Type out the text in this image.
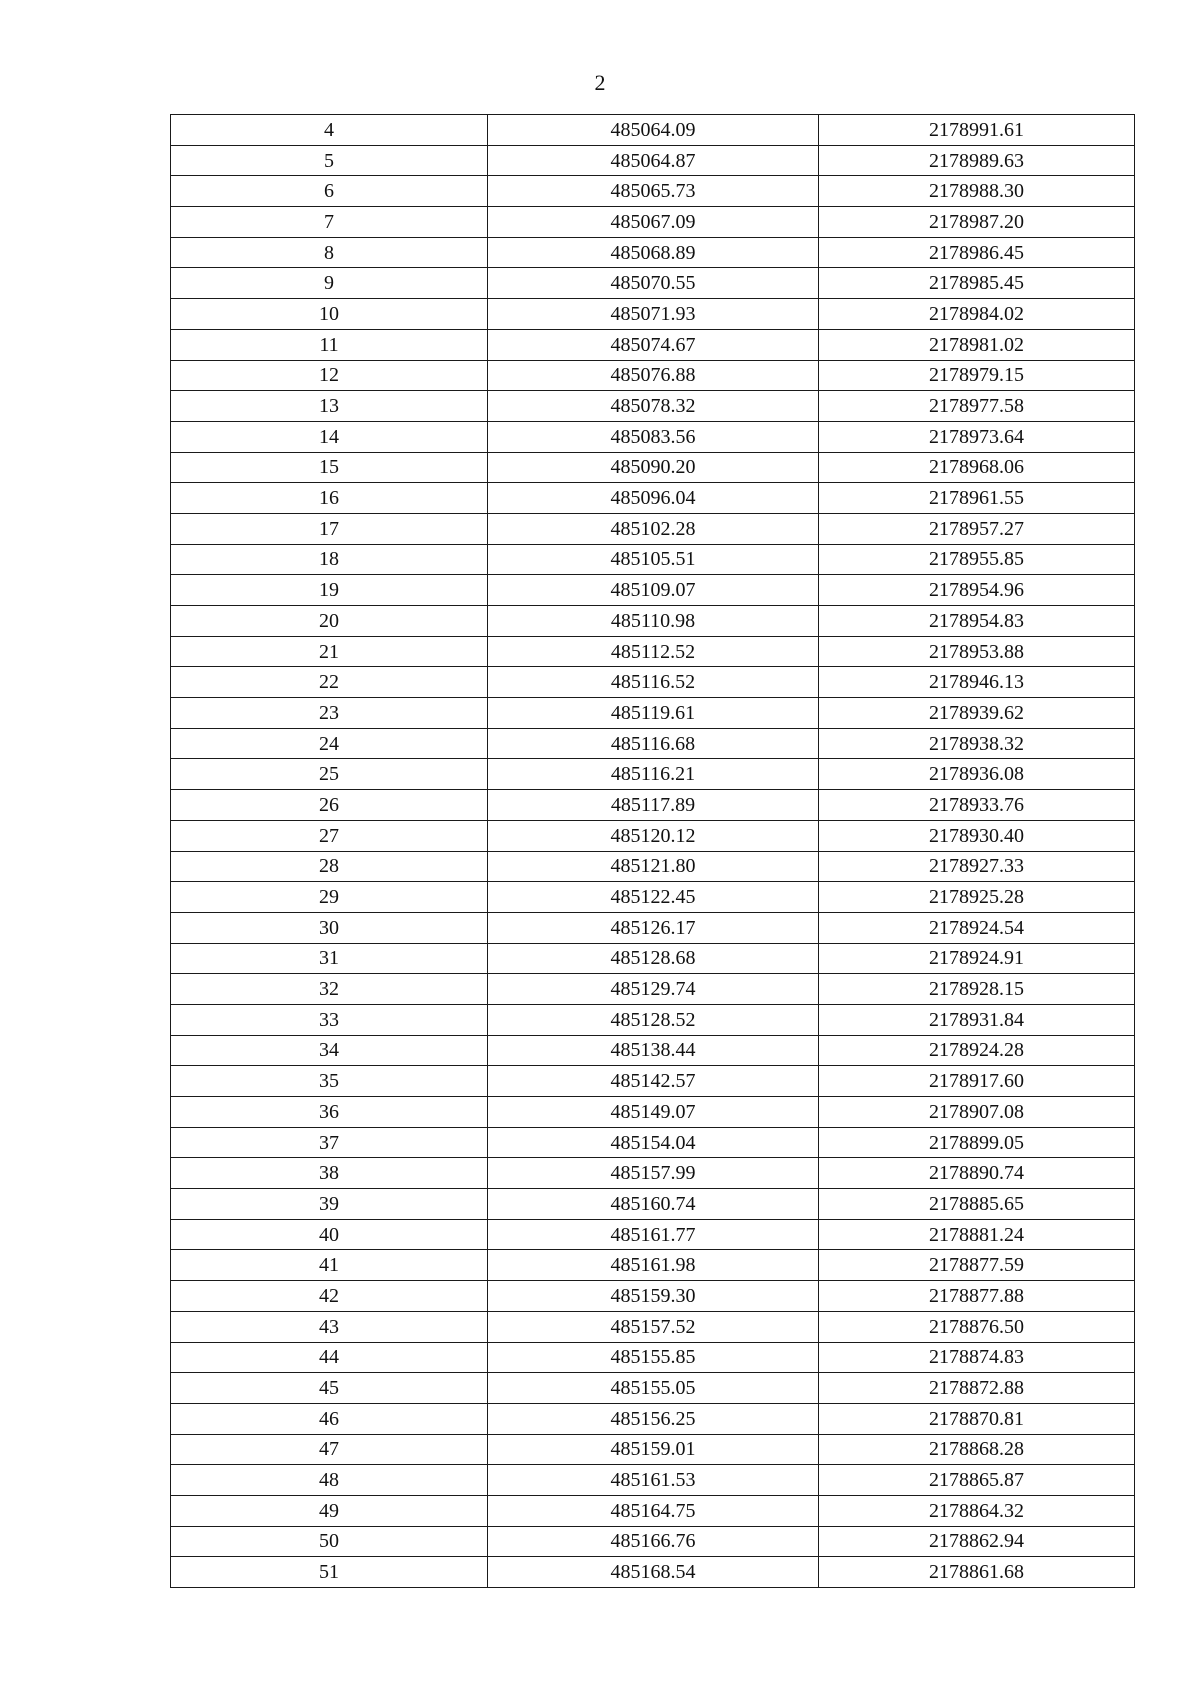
2
4	485064.09	2178991.61
5	485064.87	2178989.63
6	485065.73	2178988.30
7	485067.09	2178987.20
8	485068.89	2178986.45
9	485070.55	2178985.45
10	485071.93	2178984.02
11	485074.67	2178981.02
12	485076.88	2178979.15
13	485078.32	2178977.58
14	485083.56	2178973.64
15	485090.20	2178968.06
16	485096.04	2178961.55
17	485102.28	2178957.27
18	485105.51	2178955.85
19	485109.07	2178954.96
20	485110.98	2178954.83
21	485112.52	2178953.88
22	485116.52	2178946.13
23	485119.61	2178939.62
24	485116.68	2178938.32
25	485116.21	2178936.08
26	485117.89	2178933.76
27	485120.12	2178930.40
28	485121.80	2178927.33
29	485122.45	2178925.28
30	485126.17	2178924.54
31	485128.68	2178924.91
32	485129.74	2178928.15
33	485128.52	2178931.84
34	485138.44	2178924.28
35	485142.57	2178917.60
36	485149.07	2178907.08
37	485154.04	2178899.05
38	485157.99	2178890.74
39	485160.74	2178885.65
40	485161.77	2178881.24
41	485161.98	2178877.59
42	485159.30	2178877.88
43	485157.52	2178876.50
44	485155.85	2178874.83
45	485155.05	2178872.88
46	485156.25	2178870.81
47	485159.01	2178868.28
48	485161.53	2178865.87
49	485164.75	2178864.32
50	485166.76	2178862.94
51	485168.54	2178861.68
